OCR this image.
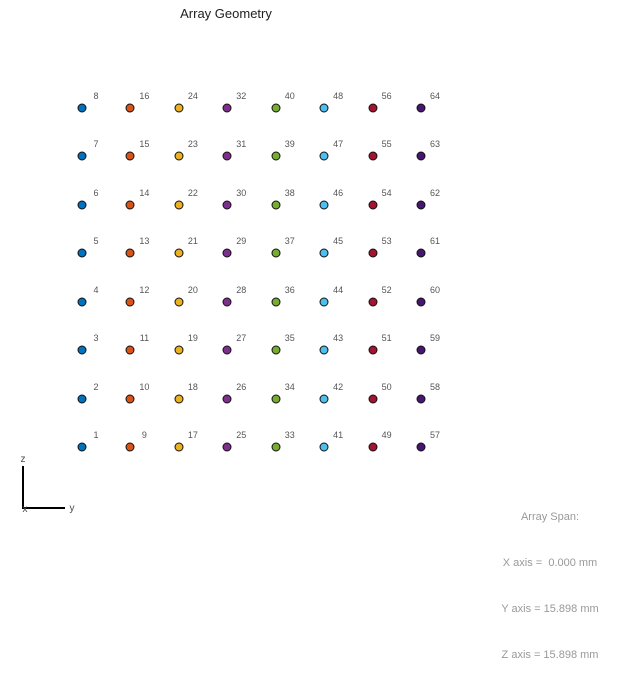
Array Geometry
1
2
3
4
5
6
7
8
9
10
11
12
13
14
15
16
17
18
19
20
21
22
23
24
25
26
27
28
29
30
31
32
33
34
35
36
37
38
39
40
41
42
43
44
45
46
47
48
49
50
51
52
53
54
55
56
57
58
59
60
61
62
63
64
z
y
x

Array Span:

X axis =  0.000 mm

Y axis = 15.898 mm

Z axis = 15.898 mm
